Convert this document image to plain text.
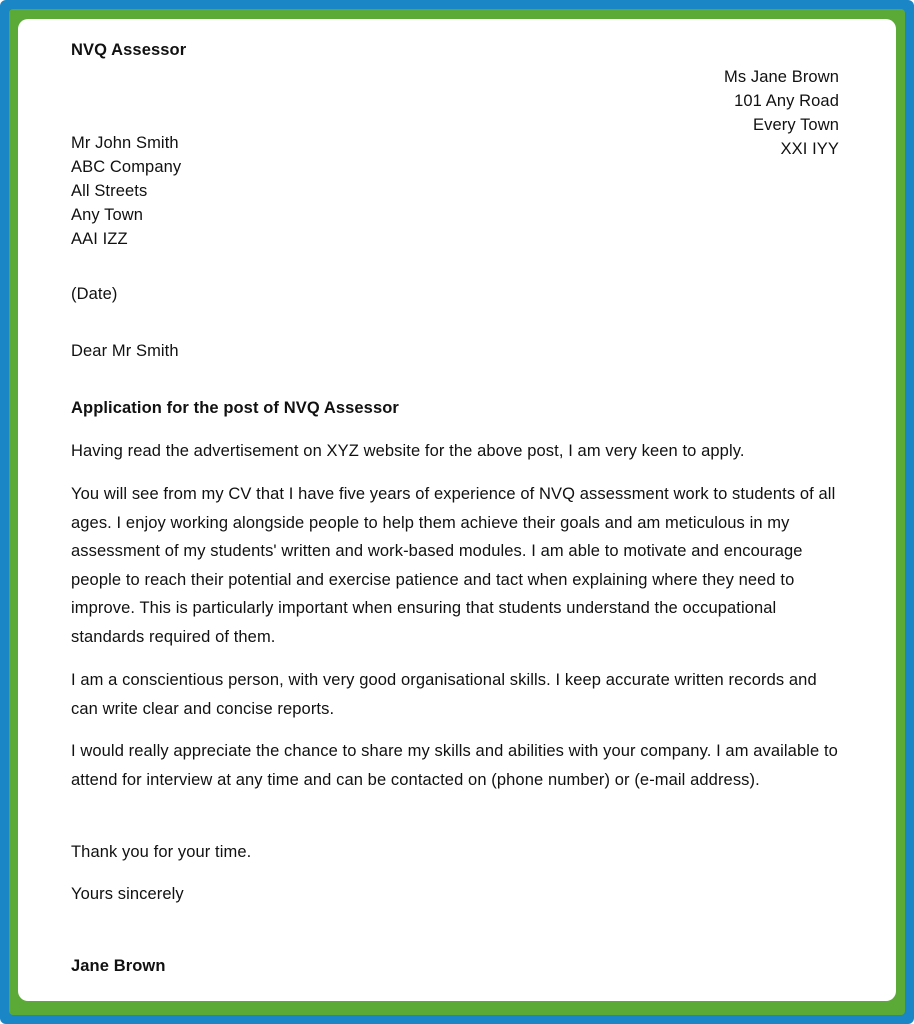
NVQ Assessor
Ms Jane Brown
101 Any Road
Every Town
XXI IYY
Mr John Smith
ABC Company
All Streets
Any Town
AAI IZZ
(Date)
Dear Mr Smith
Application for the post of NVQ Assessor
Having read the advertisement on XYZ website for the above post, I am very keen to apply.
You will see from my CV that I have five years of experience of NVQ assessment work to students of all ages. I enjoy working alongside people to help them achieve their goals and am meticulous in my assessment of my students' written and work-based modules. I am able to motivate and encourage people to reach their potential and exercise patience and tact when explaining where they need to improve. This is particularly important when ensuring that students understand the occupational standards required of them.
I am a conscientious person, with very good organisational skills. I keep accurate written records and can write clear and concise reports.
I would really appreciate the chance to share my skills and abilities with your company. I am available to attend for interview at any time and can be contacted on (phone number) or (e-mail address).
Thank you for your time.
Yours sincerely
Jane Brown
